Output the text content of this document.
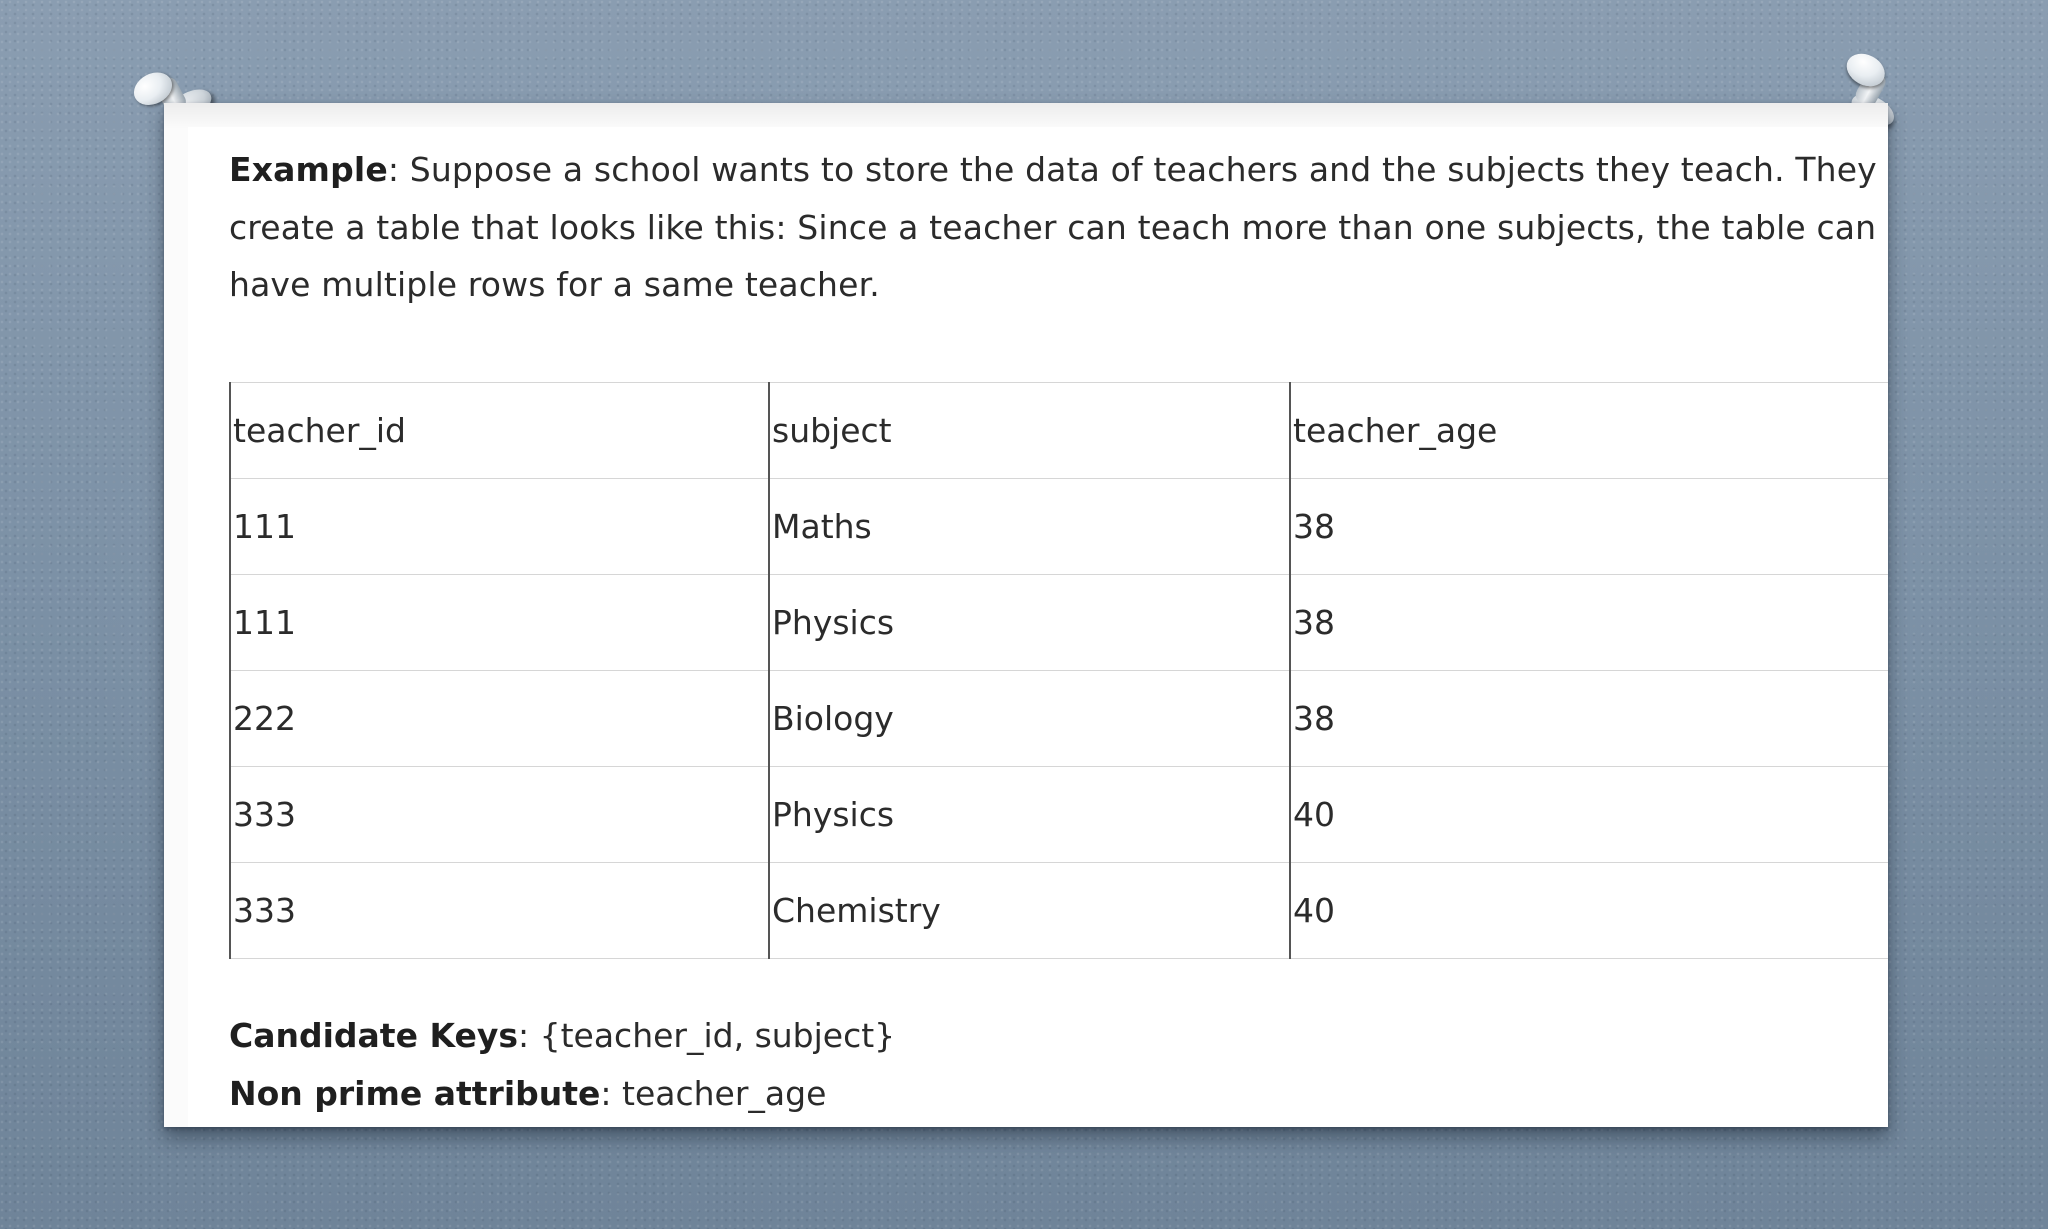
Example: Suppose a school wants to store the data of teachers and the subjects they teach. They create a table that looks like this: Since a teacher can teach more than one subjects, the table can have multiple rows for a same teacher.

teacher_id	subject	teacher_age
111	Maths	38
111	Physics	38
222	Biology	38
333	Physics	40
333	Chemistry	40
Candidate Keys: {teacher_id, subject}
Non prime attribute: teacher_age
